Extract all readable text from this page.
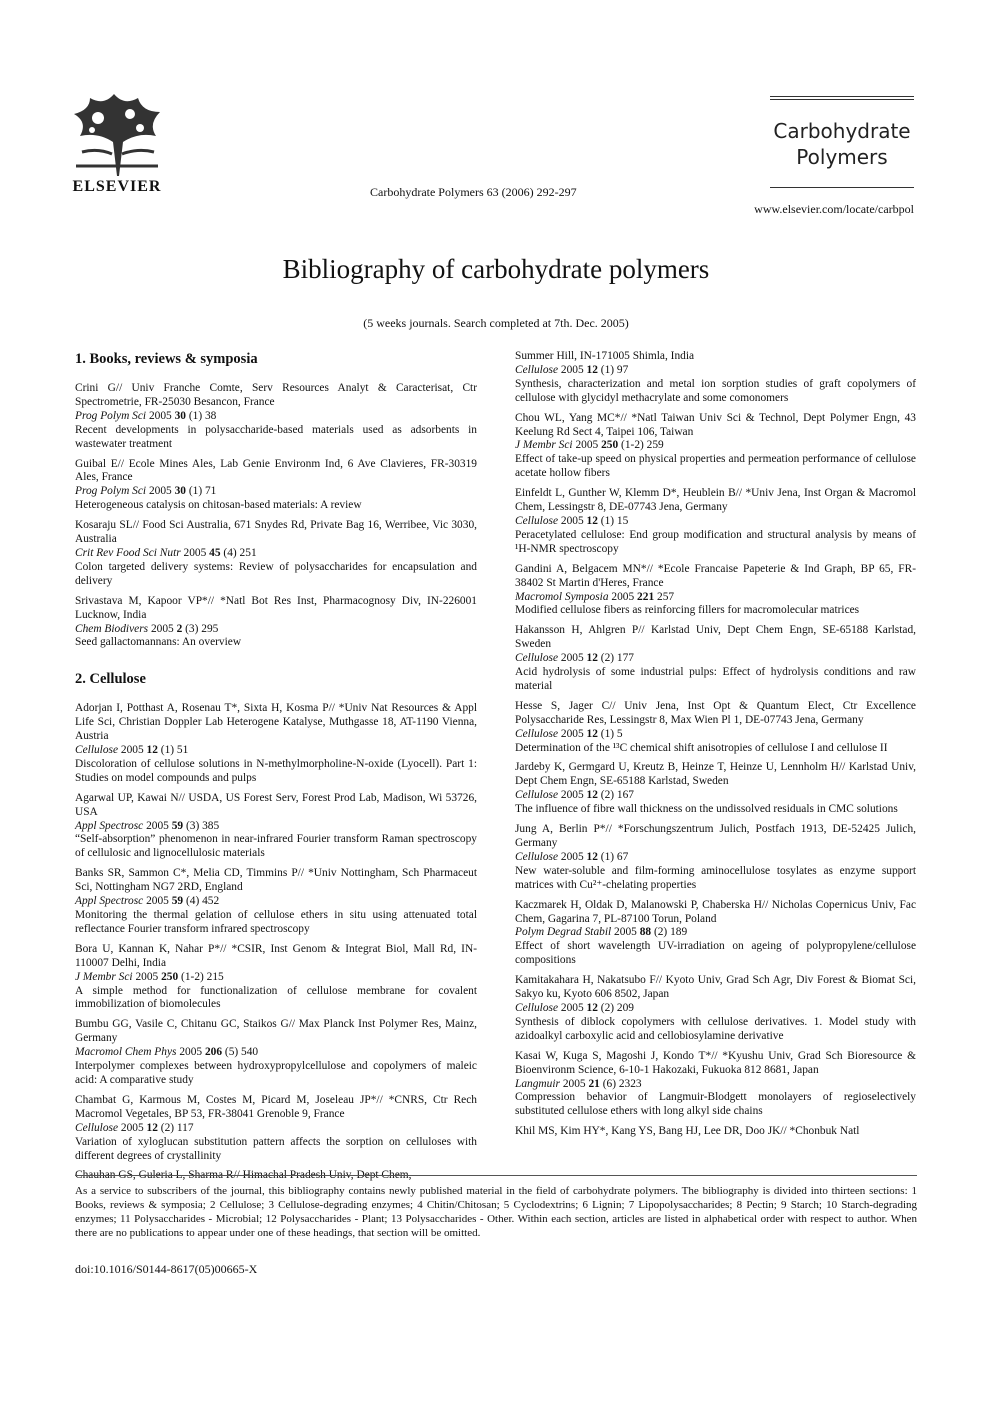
ELSEVIER	Carbohydrate Polymers 63 (2006) 292-297
Carbohydrate
Polymers
www.elsevier.com/locate/carbpol
Bibliography of carbohydrate polymers
(5 weeks journals. Search completed at 7th. Dec. 2005)
1. Books, reviews & symposia
Crini G// Univ Franche Comte, Serv Resources Analyt & Caracterisat, Ctr Spectrometrie, FR-25030 Besancon, France
Prog Polym Sci 2005 30 (1) 38
Recent developments in polysaccharide-based materials used as adsorbents in wastewater treatment
Guibal E// Ecole Mines Ales, Lab Genie Environm Ind, 6 Ave Clavieres, FR-30319 Ales, France
Prog Polym Sci 2005 30 (1) 71
Heterogeneous catalysis on chitosan-based materials: A review
Kosaraju SL// Food Sci Australia, 671 Snydes Rd, Private Bag 16, Werribee, Vic 3030, Australia
Crit Rev Food Sci Nutr 2005 45 (4) 251
Colon targeted delivery systems: Review of polysaccharides for encapsulation and delivery
Srivastava M, Kapoor VP*// *Natl Bot Res Inst, Pharmacognosy Div, IN-226001 Lucknow, India
Chem Biodivers 2005 2 (3) 295
Seed gallactomannans: An overview
2. Cellulose
Adorjan I, Potthast A, Rosenau T*, Sixta H, Kosma P// *Univ Nat Resources & Appl Life Sci, Christian Doppler Lab Heterogene Katalyse, Muthgasse 18, AT-1190 Vienna, Austria
Cellulose 2005 12 (1) 51
Discoloration of cellulose solutions in N-methylmorpholine-N-oxide (Lyocell). Part 1: Studies on model compounds and pulps
Agarwal UP, Kawai N// USDA, US Forest Serv, Forest Prod Lab, Madison, Wi 53726, USA
Appl Spectrosc 2005 59 (3) 385
“Self-absorption” phenomenon in near-infrared Fourier transform Raman spectroscopy of cellulosic and lignocellulosic materials
Banks SR, Sammon C*, Melia CD, Timmins P// *Univ Nottingham, Sch Pharmaceut Sci, Nottingham NG7 2RD, England
Appl Spectrosc 2005 59 (4) 452
Monitoring the thermal gelation of cellulose ethers in situ using attenuated total reflectance Fourier transform infrared spectroscopy
Bora U, Kannan K, Nahar P*// *CSIR, Inst Genom & Integrat Biol, Mall Rd, IN-110007 Delhi, India
J Membr Sci 2005 250 (1-2) 215
A simple method for functionalization of cellulose membrane for covalent immobilization of biomolecules
Bumbu GG, Vasile C, Chitanu GC, Staikos G// Max Planck Inst Polymer Res, Mainz, Germany
Macromol Chem Phys 2005 206 (5) 540
Interpolymer complexes between hydroxypropylcellulose and copolymers of maleic acid: A comparative study
Chambat G, Karmous M, Costes M, Picard M, Joseleau JP*// *CNRS, Ctr Rech Macromol Vegetales, BP 53, FR-38041 Grenoble 9, France
Cellulose 2005 12 (2) 117
Variation of xyloglucan substitution pattern affects the sorption on celluloses with different degrees of crystallinity
Chauhan GS, Guleria L, Sharma R// Himachal Pradesh Univ, Dept Chem,
Summer Hill, IN-171005 Shimla, India
Cellulose 2005 12 (1) 97
Synthesis, characterization and metal ion sorption studies of graft copolymers of cellulose with glycidyl methacrylate and some comonomers
Chou WL, Yang MC*// *Natl Taiwan Univ Sci & Technol, Dept Polymer Engn, 43 Keelung Rd Sect 4, Taipei 106, Taiwan
J Membr Sci 2005 250 (1-2) 259
Effect of take-up speed on physical properties and permeation performance of cellulose acetate hollow fibers
Einfeldt L, Gunther W, Klemm D*, Heublein B// *Univ Jena, Inst Organ & Macromol Chem, Lessingstr 8, DE-07743 Jena, Germany
Cellulose 2005 12 (1) 15
Peracetylated cellulose: End group modification and structural analysis by means of ¹H-NMR spectroscopy
Gandini A, Belgacem MN*// *Ecole Francaise Papeterie & Ind Graph, BP 65, FR-38402 St Martin d'Heres, France
Macromol Symposia 2005 221 257
Modified cellulose fibers as reinforcing fillers for macromolecular matrices
Hakansson H, Ahlgren P// Karlstad Univ, Dept Chem Engn, SE-65188 Karlstad, Sweden
Cellulose 2005 12 (2) 177
Acid hydrolysis of some industrial pulps: Effect of hydrolysis conditions and raw material
Hesse S, Jager C// Univ Jena, Inst Opt & Quantum Elect, Ctr Excellence Polysaccharide Res, Lessingstr 8, Max Wien Pl 1, DE-07743 Jena, Germany
Cellulose 2005 12 (1) 5
Determination of the ¹³C chemical shift anisotropies of cellulose I and cellulose II
Jardeby K, Germgard U, Kreutz B, Heinze T, Heinze U, Lennholm H// Karlstad Univ, Dept Chem Engn, SE-65188 Karlstad, Sweden
Cellulose 2005 12 (2) 167
The influence of fibre wall thickness on the undissolved residuals in CMC solutions
Jung A, Berlin P*// *Forschungszentrum Julich, Postfach 1913, DE-52425 Julich, Germany
Cellulose 2005 12 (1) 67
New water-soluble and film-forming aminocellulose tosylates as enzyme support matrices with Cu²⁺-chelating properties
Kaczmarek H, Oldak D, Malanowski P, Chaberska H// Nicholas Copernicus Univ, Fac Chem, Gagarina 7, PL-87100 Torun, Poland
Polym Degrad Stabil 2005 88 (2) 189
Effect of short wavelength UV-irradiation on ageing of polypropylene/cellulose compositions
Kamitakahara H, Nakatsubo F// Kyoto Univ, Grad Sch Agr, Div Forest & Biomat Sci, Sakyo ku, Kyoto 606 8502, Japan
Cellulose 2005 12 (2) 209
Synthesis of diblock copolymers with cellulose derivatives. 1. Model study with azidoalkyl carboxylic acid and cellobiosylamine derivative
Kasai W, Kuga S, Magoshi J, Kondo T*// *Kyushu Univ, Grad Sch Bioresource & Bioenvironm Science, 6-10-1 Hakozaki, Fukuoka 812 8681, Japan
Langmuir 2005 21 (6) 2323
Compression behavior of Langmuir-Blodgett monolayers of regioselectively substituted cellulose ethers with long alkyl side chains
Khil MS, Kim HY*, Kang YS, Bang HJ, Lee DR, Doo JK// *Chonbuk Natl
As a service to subscribers of the journal, this bibliography contains newly published material in the field of carbohydrate polymers. The bibliography is divided into thirteen sections: 1 Books, reviews & symposia; 2 Cellulose; 3 Cellulose-degrading enzymes; 4 Chitin/Chitosan; 5 Cyclodextrins; 6 Lignin; 7 Lipopolysaccharides; 8 Pectin; 9 Starch; 10 Starch-degrading enzymes; 11 Polysaccharides - Microbial; 12 Polysaccharides - Plant; 13 Polysaccharides - Other. Within each section, articles are listed in alphabetical order with respect to author. When there are no publications to appear under one of these headings, that section will be omitted.
doi:10.1016/S0144-8617(05)00665-X
